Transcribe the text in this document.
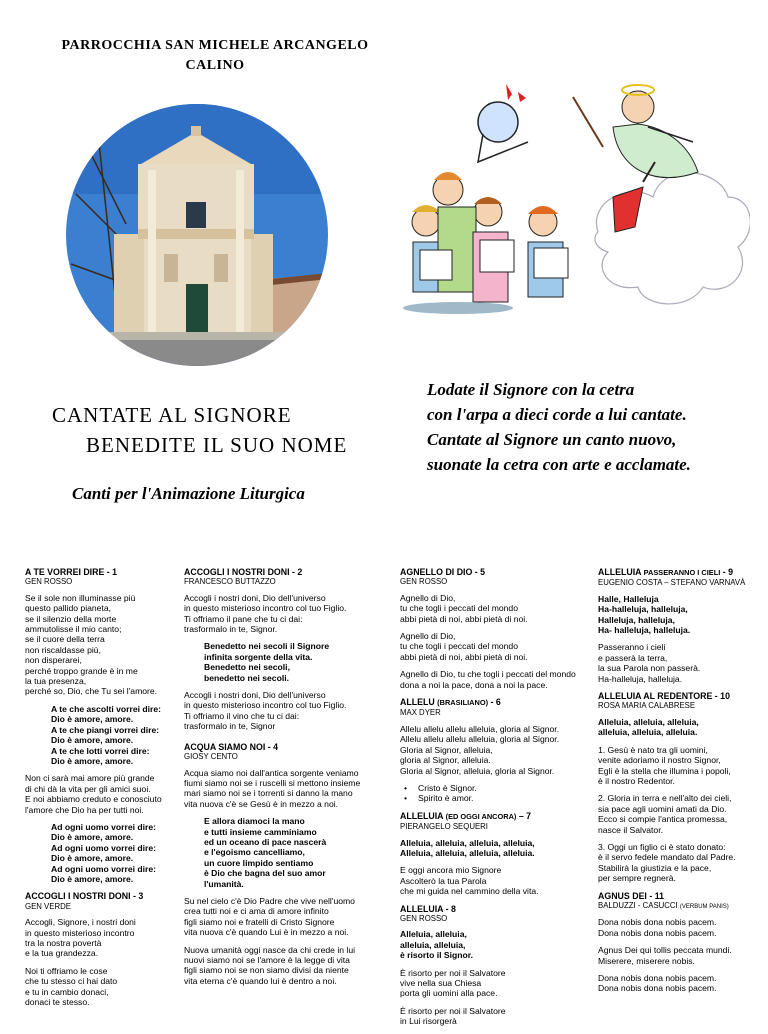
PARROCCHIA SAN MICHELE ARCANGELO
CALINO
CANTATE AL SIGNORE
BENEDITE IL SUO NOME
Canti per l'Animazione Liturgica
Lodate il Signore con la cetra
con l'arpa a dieci corde a lui cantate.
Cantate al Signore un canto nuovo,
suonate la cetra con arte e acclamate.
A TE VORREI DIRE - 1
GEN ROSSO
Se il sole non illuminasse più
questo pallido pianeta,
se il silenzio della morte
ammutolisse il mio canto;
se il cuore della terra
non riscaldasse più,
non disperarei,
perché troppo grande è in me
la tua presenza,
perché so, Dio, che Tu sei l'amore.
A te che ascolti vorrei dire:
Dio è amore, amore.
A te che piangi vorrei dire:
Dio è amore, amore.
A te che lotti vorrei dire:
Dio è amore, amore.
Non ci sarà mai amore più grande
di chi dà la vita per gli amici suoi.
E noi abbiamo creduto e conosciuto
l'amore che Dio ha per tutti noi.
Ad ogni uomo vorrei dire:
Dio è amore, amore.
Ad ogni uomo vorrei dire:
Dio è amore, amore.
Ad ogni uomo vorrei dire:
Dio è amore, amore.
ACCOGLI I NOSTRI DONI - 3
GEN VERDE
Accogli, Signore, i nostri doni
in questo misterioso incontro
tra la nostra povertà
e la tua grandezza.
Noi ti offriamo le cose
che tu stesso ci hai dato
e tu in cambio donaci,
donaci te stesso.
ACCOGLI I NOSTRI DONI - 2
FRANCESCO BUTTAZZO
Accogli i nostri doni, Dio dell'universo
in questo misterioso incontro col tuo Figlio.
Ti offriamo il pane che tu ci dai:
trasformalo in te, Signor.
Benedetto nei secoli il Signore
infinita sorgente della vita.
Benedetto nei secoli,
benedetto nei secoli.
Accogli i nostri doni, Dio dell'universo
in questo misterioso incontro col tuo Figlio.
Ti offriamo il vino che tu ci dai:
trasformalo in te, Signor
ACQUA SIAMO NOI - 4
GIOSY CENTO
Acqua siamo noi dall'antica sorgente veniamo
fiumi siamo noi se i ruscelli si mettono insieme
mari siamo noi se i torrenti si danno la mano
vita nuova c'è se Gesù è in mezzo a noi.
E allora diamoci la mano
e tutti insieme camminiamo
ed un oceano di pace nascerà
e l'egoismo cancelliamo,
un cuore limpido sentiamo
è Dio che bagna del suo amor
l'umanità.
Su nel cielo c'è Dio Padre che vive nell'uomo
crea tutti noi e ci ama di amore infinito
figli siamo noi e fratelli di Cristo Signore
vita nuova c'è quando Lui è in mezzo a noi.
Nuova umanità oggi nasce da chi crede in lui
nuovi siamo noi se l'amore è la legge di vita
figli siamo noi se non siamo divisi da niente
vita eterna c'è quando lui è dentro a noi.
AGNELLO DI DIO - 5
GEN ROSSO
Agnello di Dio,
tu che togli i peccati del mondo
abbi pietà di noi, abbi pietà di noi.
Agnello di Dio,
tu che togli i peccati del mondo
abbi pietà di noi, abbi pietà di noi.
Agnello di Dio, tu che togli i peccati del mondo
dona a noi la pace, dona a noi la pace.
ALLELU (BRASILIANO) - 6
MAX DYER
Allelu allelu allelu alleluia, gloria al Signor.
Allelu allelu allelu alleluia, gloria al Signor.
Gloria al Signor, alleluia,
gloria al Signor, alleluia.
Gloria al Signor, alleluia, gloria al Signor.
• Cristo è Signor.
• Spirito è amor.
ALLELUIA (ED OGGI ANCORA) – 7
PIERANGELO SEQUERI
Alleluia, alleluia, alleluia, alleluia,
Alleluia, alleluia, alleluia, alleluia.
E oggi ancora mio Signore
Ascolterò la tua Parola
che mi guida nel cammino della vita.
ALLELUIA - 8
GEN ROSSO
Alleluia, alleluia,
alleluia, alleluia,
è risorto il Signor.
È risorto per noi il Salvatore
vive nella sua Chiesa
porta gli uomini alla pace.
È risorto per noi il Salvatore
in Lui risorgerà
ALLELUIA PASSERANNO I CIELI - 9
EUGENIO COSTA – STEFANO VARNAVÀ
Halle, Halleluja
Ha-halleluja, halleluja,
Halleluja, halleluja,
Ha- halleluja, halleluja.
Passeranno i cieli
e passerà la terra,
la sua Parola non passerà.
Ha-halleluja, halleluja.
ALLELUIA AL REDENTORE - 10
ROSA MARIA CALABRESE
Alleluia, alleluia, alleluia,
alleluia, alleluia, alleluia.
1. Gesù è nato tra gli uomini,
venite adoriamo il nostro Signor,
Egli è la stella che illumina i popoli,
è il nostro Redentor.
2. Gloria in terra e nell'alto dei cieli,
sia pace agli uomini amati da Dio.
Ecco si compie l'antica promessa,
nasce il Salvator.
3. Oggi un figlio ci è stato donato:
è il servo fedele mandato dal Padre.
Stabilirà la giustizia e la pace,
per sempre regnerà.
AGNUS DEI - 11
BALDUZZI - CASUCCI (VERBUM PANIS)
Dona nobis dona nobis pacem.
Dona nobis dona nobis pacem.
Agnus Dei qui tollis peccata mundi.
Miserere, miserere nobis.
Dona nobis dona nobis pacem.
Dona nobis dona nobis pacem.
